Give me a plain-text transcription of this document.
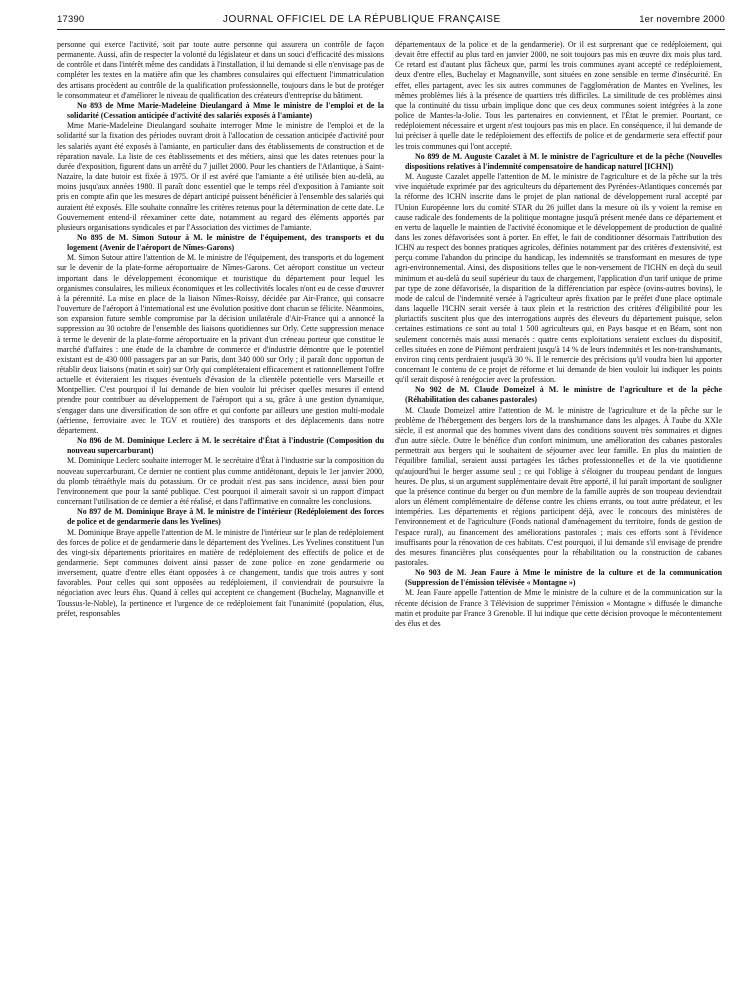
17390	JOURNAL OFFICIEL DE LA RÉPUBLIQUE FRANÇAISE	1er novembre 2000

personne qui exerce l'activité, soit par toute autre personne qui assurera un contrôle de façon permanente. Aussi, afin de respecter la volonté du législateur et dans un souci d'efficacité des missions de contrôle et dans l'intérêt même des candidats à l'installation, il lui demande si elle n'envisage pas de compléter les textes en la matière afin que les chambres consulaires qui effectuent l'immatriculation des artisans procèdent au contrôle de la qualification professionnelle, toujours dans le but de protéger le consommateur et d'améliorer le niveau de qualification des créateurs d'entreprise du bâtiment.

No 893 de Mme Marie-Madeleine Dieulangard à Mme le ministre de l'emploi et de la solidarité (Cessation anticipée d'activité des salariés exposés à l'amiante)

Mme Marie-Madeleine Dieulangard souhaite interroger Mme le ministre de l'emploi et de la solidarité sur la fixation des périodes ouvrant droit à l'allocation de cessation anticipée d'activité pour les salariés ayant été exposés à l'amiante, en particulier dans des établissements de construction et de réparation navale. La liste de ces établissements et des métiers, ainsi que les dates retenues pour la durée d'exposition, figurent dans un arrêté du 7 juillet 2000. Pour les chantiers de l'Atlantique, à Saint-Nazaire, la date butoir est fixée à 1975. Or il est avéré que l'amiante a été utilisée bien au-delà, au moins jusqu'aux années 1980. Il paraît donc essentiel que le temps réel d'exposition à l'amiante soit pris en compte afin que les mesures de départ anticipé puissent bénéficier à l'ensemble des salariés qui auraient été exposés. Elle souhaite connaître les critères retenus pour la détermination de cette date. Le Gouvernement entend-il réexaminer cette date, notamment au regard des éléments apportés par plusieurs organisations syndicales et par l'Association des victimes de l'amiante.

No 895 de M. Simon Sutour à M. le ministre de l'équipement, des transports et du logement (Avenir de l'aéroport de Nîmes-Garons)

M. Simon Sutour attire l'attention de M. le ministre de l'équipement, des transports et du logement sur le devenir de la plate-forme aéroportuaire de Nîmes-Garons. Cet aéroport constitue un vecteur important dans le développement économique et touristique du département pour lequel les organismes consulaires, les milieux économiques et les collectivités locales n'ont eu de cesse d'œuvrer à la pérennité. La mise en place de la liaison Nîmes-Roissy, décidée par Air-France, qui consacre l'ouverture de l'aéroport à l'international est une évolution positive dont chacun se félicite. Néanmoins, son expansion future semble compromise par la décision unilatérale d'Air-France qui a annoncé la suppression au 30 octobre de l'ensemble des liaisons quotidiennes sur Orly. Cette suppression menace à terme le devenir de la plate-forme aéroportuaire en la privant d'un créneau porteur que constitue le marché d'affaires : une étude de la chambre de commerce et d'industrie démontre que le potentiel existant est de 430 000 passagers par an sur Paris, dont 340 000 sur Orly ; il paraît donc opportun de rétablir deux liaisons (matin et soir) sur Orly qui compléteraient efficacement et rationnellement l'offre actuelle et éviteraient les risques éventuels d'évasion de la clientèle potentielle vers Marseille et Montpellier. C'est pourquoi il lui demande de bien vouloir lui préciser quelles mesures il entend prendre pour contribuer au développement de l'aéroport qui a su, grâce à une gestion dynamique, s'engager dans une diversification de son offre et qui conforte par ailleurs une gestion multi-modale (aérienne, ferroviaire avec le TGV et routière) des transports et des déplacements dans notre département.

No 896 de M. Dominique Leclerc à M. le secrétaire d'État à l'industrie (Composition du nouveau supercarburant)

M. Dominique Leclerc souhaite interroger M. le secrétaire d'État à l'industrie sur la composition du nouveau supercarburant. Ce dernier ne contient plus comme antidétonant, depuis le 1er janvier 2000, du plomb tétraéthyle mais du potassium. Or ce produit n'est pas sans incidence, aussi bien pour l'environnement que pour la santé publique. C'est pourquoi il aimerait savoir si un rapport d'impact concernant l'utilisation de ce dernier a été réalisé, et dans l'affirmative en connaître les conclusions.

No 897 de M. Dominique Braye à M. le ministre de l'intérieur (Redéploiement des forces de police et de gendarmerie dans les Yvelines)

M. Dominique Braye appelle l'attention de M. le ministre de l'intérieur sur le plan de redéploiement des forces de police et de gendarmerie dans le département des Yvelines. Les Yvelines constituent l'un des vingt-six départements prioritaires en matière de redéploiement des effectifs de police et de gendarmerie. Sept communes doivent ainsi passer de zone police en zone gendarmerie ou inversement, quatre d'entre elles étant opposées à ce changement, tandis que trois autres y sont favorables. Pour celles qui sont opposées au redéploiement, il conviendrait de poursuivre la négociation avec leurs élus. Quand à celles qui acceptent ce changement (Buchelay, Magnanville et Toussus-le-Noble), la pertinence et l'urgence de ce redéploiement fait l'unanimité (population, élus, préfet, responsables

départementaux de la police et de la gendarmerie). Or il est surprenant que ce redéploiement, qui devait être effectif au plus tard en janvier 2000, ne soit toujours pas mis en œuvre dix mois plus tard. Ce retard est d'autant plus fâcheux que, parmi les trois communes ayant accepté ce redéploiement, deux d'entre elles, Buchelay et Magnanville, sont situées en zone sensible en terme d'insécurité. En effet, elles partagent, avec les six autres communes de l'agglomération de Mantes en Yvelines, les mêmes problèmes liés à la présence de quartiers très difficiles. La similitude de ces problèmes ainsi que la continuité du tissu urbain implique donc que ces deux communes soient intégrées à la zone police de Mantes-la-Jolie. Tous les partenaires en conviennent, et l'État le premier. Pourtant, ce redéploiement nécessaire et urgent n'est toujours pas mis en place. En conséquence, il lui demande de lui préciser à quelle date le redéploiement des effectifs de police et de gendarmerie sera effectif pour les trois communes qui l'ont accepté.

No 899 de M. Auguste Cazalet à M. le ministre de l'agriculture et de la pêche (Nouvelles dispositions relatives à l'indemnité compensatoire de handicap naturel [ICHN])

M. Auguste Cazalet appelle l'attention de M. le ministre de l'agriculture et de la pêche sur la très vive inquiétude exprimée par des agriculteurs du département des Pyrénées-Atlantiques concernés par la réforme des ICHN inscrite dans le projet de plan national de développement rural accepté par l'Union Européenne lors du comité STAR du 26 juillet dans la mesure où ils y voient la remise en cause radicale des fondements de la politique montagne jusqu'à présent menée dans ce département et en vertu de laquelle le maintien de l'activité économique et le développement de production de qualité dans les zones défavorisées sont à porter. En effet, le fait de conditionner désormais l'attribution des ICHN au respect des bonnes pratiques agricoles, définies notamment par des critères d'extensivité, est perçu comme l'abandon du principe du handicap, les indemnités se transformant en mesures de type agri-environnemental. Ainsi, des dispositions telles que le non-versement de l'ICHN en deçà du seuil minimum et au-delà du seuil supérieur du taux de chargement, l'application d'un tarif unique de prime par type de zone défavorisée, la disparition de la différenciation par espèce (ovins-autres bovins), le mode de calcul de l'indemnité versée à l'agriculteur après fixation par le préfet d'une place optimale dans laquelle l'ICHN serait versée à taux plein et la restriction des critères d'éligibilité pour les pluriactifs suscitent plus que des interrogations auprès des éleveurs du département puisque, selon certaines estimations ce sont au total 1 500 agriculteurs qui, en Pays basque et en Béarn, sont non seulement concernés mais aussi menacés : quatre cents exploitations seraient exclues du dispositif, celles situées en zone de Piémont perdraient jusqu'à 14 % de leurs indemnités et les non-transhumants, environ cinq cents perdraient jusqu'à 30 %. Il le remercie des précisions qu'il voudra bien lui apporter concernant le contenu de ce projet de réforme et lui demande de bien vouloir lui indiquer les points qu'il serait disposé à renégocier avec la profession.

No 902 de M. Claude Domeizel à M. le ministre de l'agriculture et de la pêche (Réhabilitation des cabanes pastorales)

M. Claude Domeizel attire l'attention de M. le ministre de l'agriculture et de la pêche sur le problème de l'hébergement des bergers lors de la transhumance dans les alpages. À l'aube du XXIe siècle, il est anormal que des hommes vivent dans des conditions souvent très sommaires et dignes d'un autre siècle. Outre le bénéfice d'un confort minimum, une amélioration des cabanes pastorales permettrait aux bergers qui le souhaitent de séjourner avec leur famille. En plus du maintien de l'équilibre familial, seraient aussi partagées les tâches professionnelles et de la vie quotidienne qu'aujourd'hui le berger assume seul ; ce qui l'oblige à s'éloigner du troupeau pendant de longues heures. De plus, si un argument supplémentaire devait être apporté, il lui paraît important de souligner que la présence continue du berger ou d'un membre de la famille auprès de son troupeau deviendrait alors un élément complémentaire de défense contre les chiens errants, ou tout autre prédateur, et les intempéries. Les départements et régions participent déjà, avec le concours des ministères de l'environnement et de l'agriculture (Fonds national d'aménagement du territoire, fonds de gestion de l'espace rural), au financement des améliorations pastorales ; mais ces efforts sont à l'évidence insuffisants pour la rénovation de ces habitats. C'est pourquoi, il lui demande s'il envisage de prendre des mesures financières plus conséquentes pour la réhabilitation ou la construction de cabanes pastorales.

No 903 de M. Jean Faure à Mme le ministre de la culture et de la communication (Suppression de l'émission télévisée « Montagne »)

M. Jean Faure appelle l'attention de Mme le ministre de la culture et de la communication sur la récente décision de France 3 Télévision de supprimer l'émission « Montagne » diffusée le dimanche matin et produite par France 3 Grenoble. Il lui indique que cette décision provoque le mécontentement des élus et des
